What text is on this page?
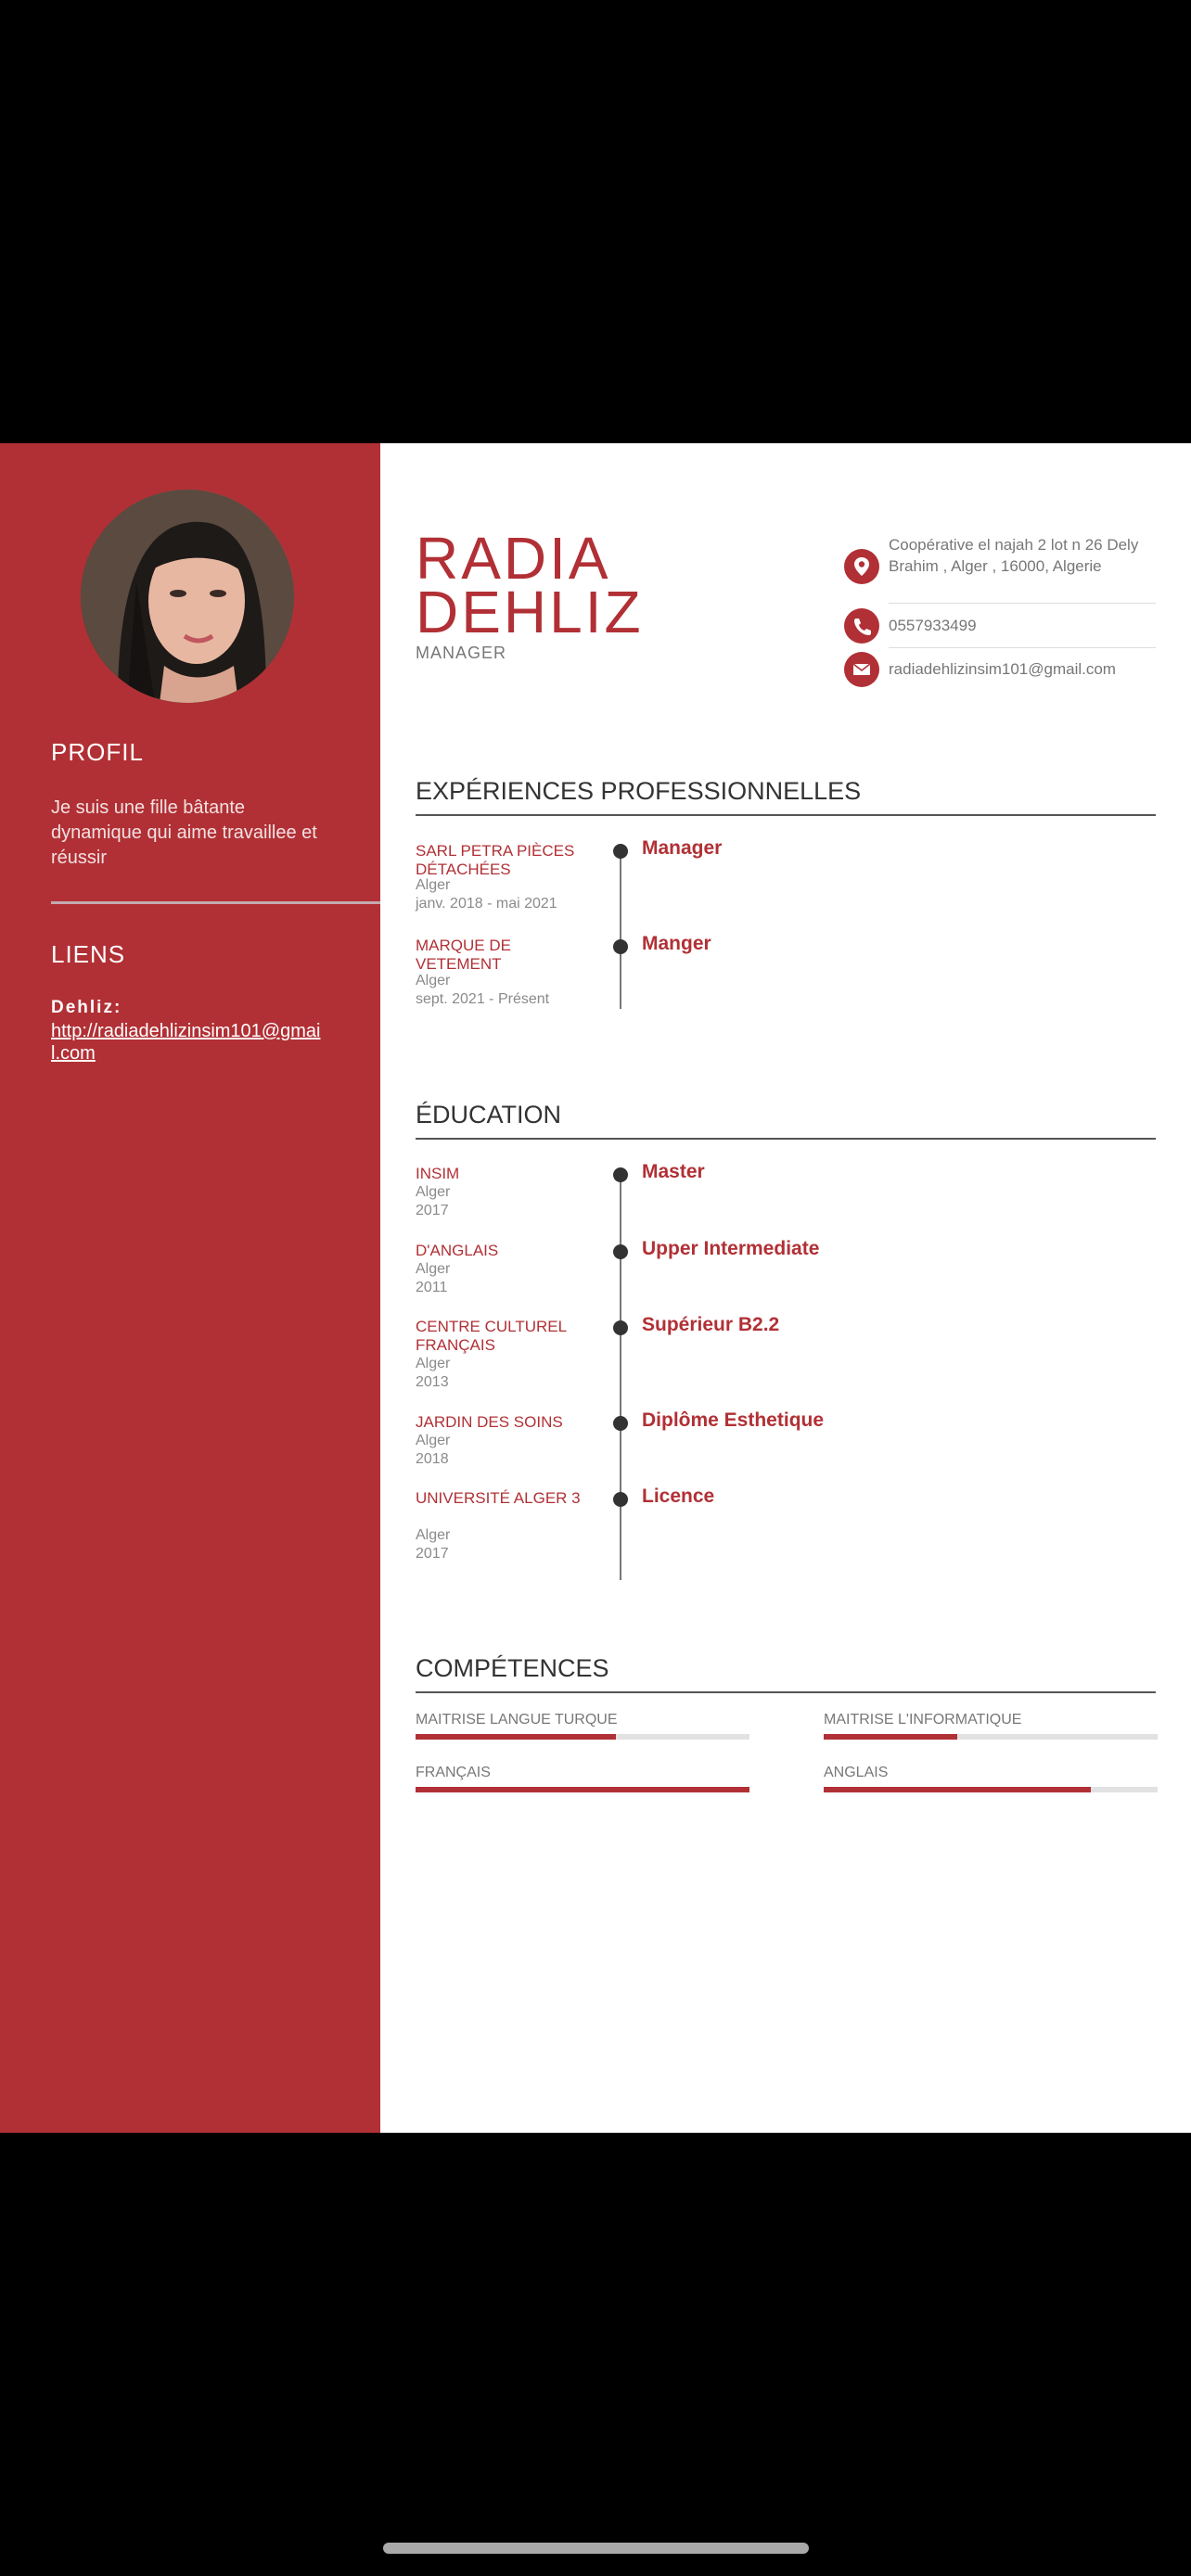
PROFIL
Je suis une fille bâtante dynamique qui aime travaillee et réussir
LIENS
Dehliz:
http://radiadehlizinsim101@gmail.com
RADIA
DEHLIZ
MANAGER
Coopérative el najah 2 lot n 26 Dely Brahim , Alger , 16000, Algerie
0557933499
radiadehlizinsim101@gmail.com
EXPÉRIENCES PROFESSIONNELLES
SARL PETRA PIÈCES DÉTACHÉES
Alger
janv. 2018 - mai 2021
Manager
MARQUE DE VETEMENT
Alger
sept. 2021 - Présent
Manger
ÉDUCATION
INSIM
Alger
2017
Master
D'ANGLAIS
Alger
2011
Upper Intermediate
CENTRE CULTUREL FRANÇAIS
Alger
2013
Supérieur B2.2
JARDIN DES SOINS
Alger
2018
Diplôme Esthetique
UNIVERSITÉ ALGER 3
Alger
2017
Licence
COMPÉTENCES
MAITRISE LANGUE TURQUE	MAITRISE L'INFORMATIQUE
FRANÇAIS	ANGLAIS
